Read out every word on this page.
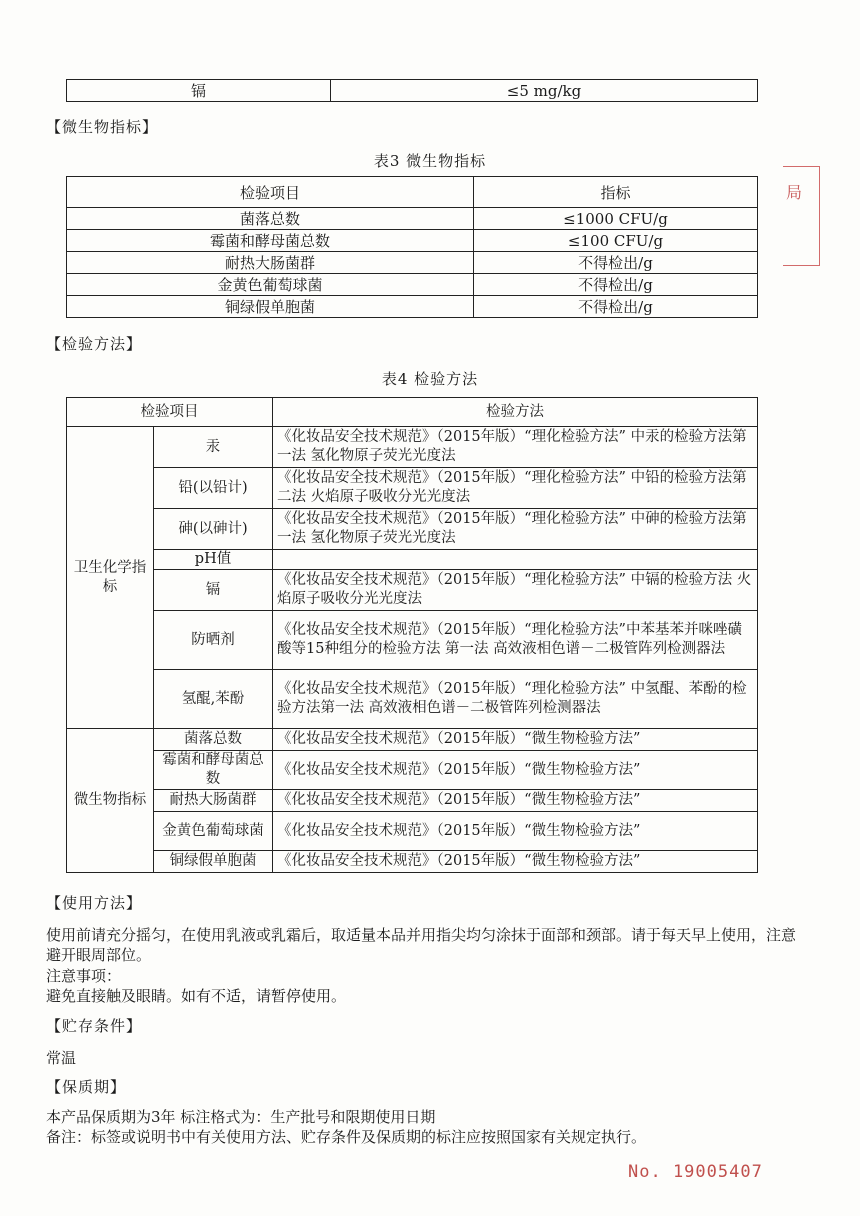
镉	≤5 mg/kg
【微生物指标】
表3 微生物指标
检验项目	指标
菌落总数	≤1000 CFU/g
霉菌和酵母菌总数	≤100 CFU/g
耐热大肠菌群	不得检出/g
金黄色葡萄球菌	不得检出/g
铜绿假单胞菌	不得检出/g
局
【检验方法】
表4 检验方法
检验项目		检验方法
卫生化学指标	汞	《化妆品安全技术规范》（2015年版）“理化检验方法” 中汞的检验方法第一法 氢化物原子荧光光度法
	铅(以铅计)	《化妆品安全技术规范》（2015年版）“理化检验方法” 中铅的检验方法第二法 火焰原子吸收分光光度法
	砷(以砷计)	《化妆品安全技术规范》（2015年版）“理化检验方法” 中砷的检验方法第一法 氢化物原子荧光光度法
	pH值	
	镉	《化妆品安全技术规范》（2015年版）“理化检验方法” 中镉的检验方法 火焰原子吸收分光光度法
	防晒剂	《化妆品安全技术规范》（2015年版）“理化检验方法”中苯基苯并咪唑磺酸等15种组分的检验方法 第一法 高效液相色谱－二极管阵列检测器法
	氢醌,苯酚	《化妆品安全技术规范》（2015年版）“理化检验方法” 中氢醌、苯酚的检验方法第一法 高效液相色谱－二极管阵列检测器法
微生物指标	菌落总数	《化妆品安全技术规范》（2015年版）“微生物检验方法”
	霉菌和酵母菌总数	《化妆品安全技术规范》（2015年版）“微生物检验方法”
	耐热大肠菌群	《化妆品安全技术规范》（2015年版）“微生物检验方法”
	金黄色葡萄球菌	《化妆品安全技术规范》（2015年版）“微生物检验方法”
	铜绿假单胞菌	《化妆品安全技术规范》（2015年版）“微生物检验方法”
【使用方法】
使用前请充分摇匀，在使用乳液或乳霜后，取适量本品并用指尖均匀涂抹于面部和颈部。请于每天早上使用，注意避开眼周部位。
注意事项：
避免直接触及眼睛。如有不适，请暂停使用。
【贮存条件】
常温
【保质期】
本产品保质期为3年 标注格式为：生产批号和限期使用日期
备注：标签或说明书中有关使用方法、贮存条件及保质期的标注应按照国家有关规定执行。
No. 19005407
